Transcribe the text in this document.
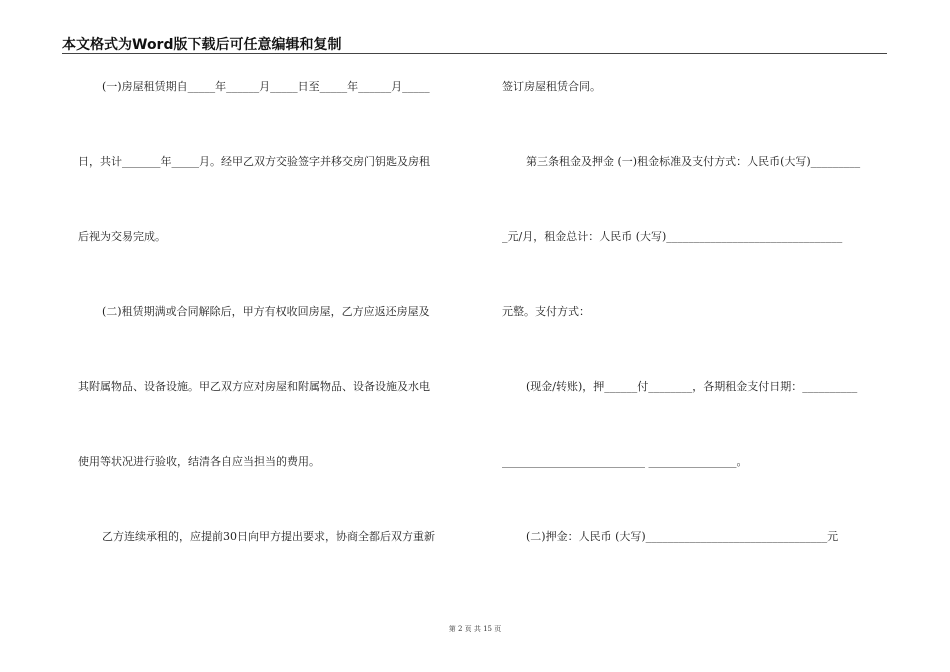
本文格式为Word版下载后可任意编辑和复制
(一)房屋租赁期自_____年______月_____日至_____年______月_____
日，共计_______年_____月。经甲乙双方交验签字并移交房门钥匙及房租
后视为交易完成。
(二)租赁期满或合同解除后，甲方有权收回房屋，乙方应返还房屋及
其附属物品、设备设施。甲乙双方应对房屋和附属物品、设备设施及水电
使用等状况进行验收，结清各自应当担当的费用。
乙方连续承租的，应提前30日向甲方提出要求，协商全都后双方重新
签订房屋租赁合同。
第三条租金及押金 (一)租金标准及支付方式：人民币(大写)_________
_元/月，租金总计：人民币 (大写)________________________________
元整。支付方式：
(现金/转账)，押______付________，各期租金支付日期：__________
__________________________ ________________。
(二)押金：人民币 (大写)_________________________________元
第 2 页 共 15 页
